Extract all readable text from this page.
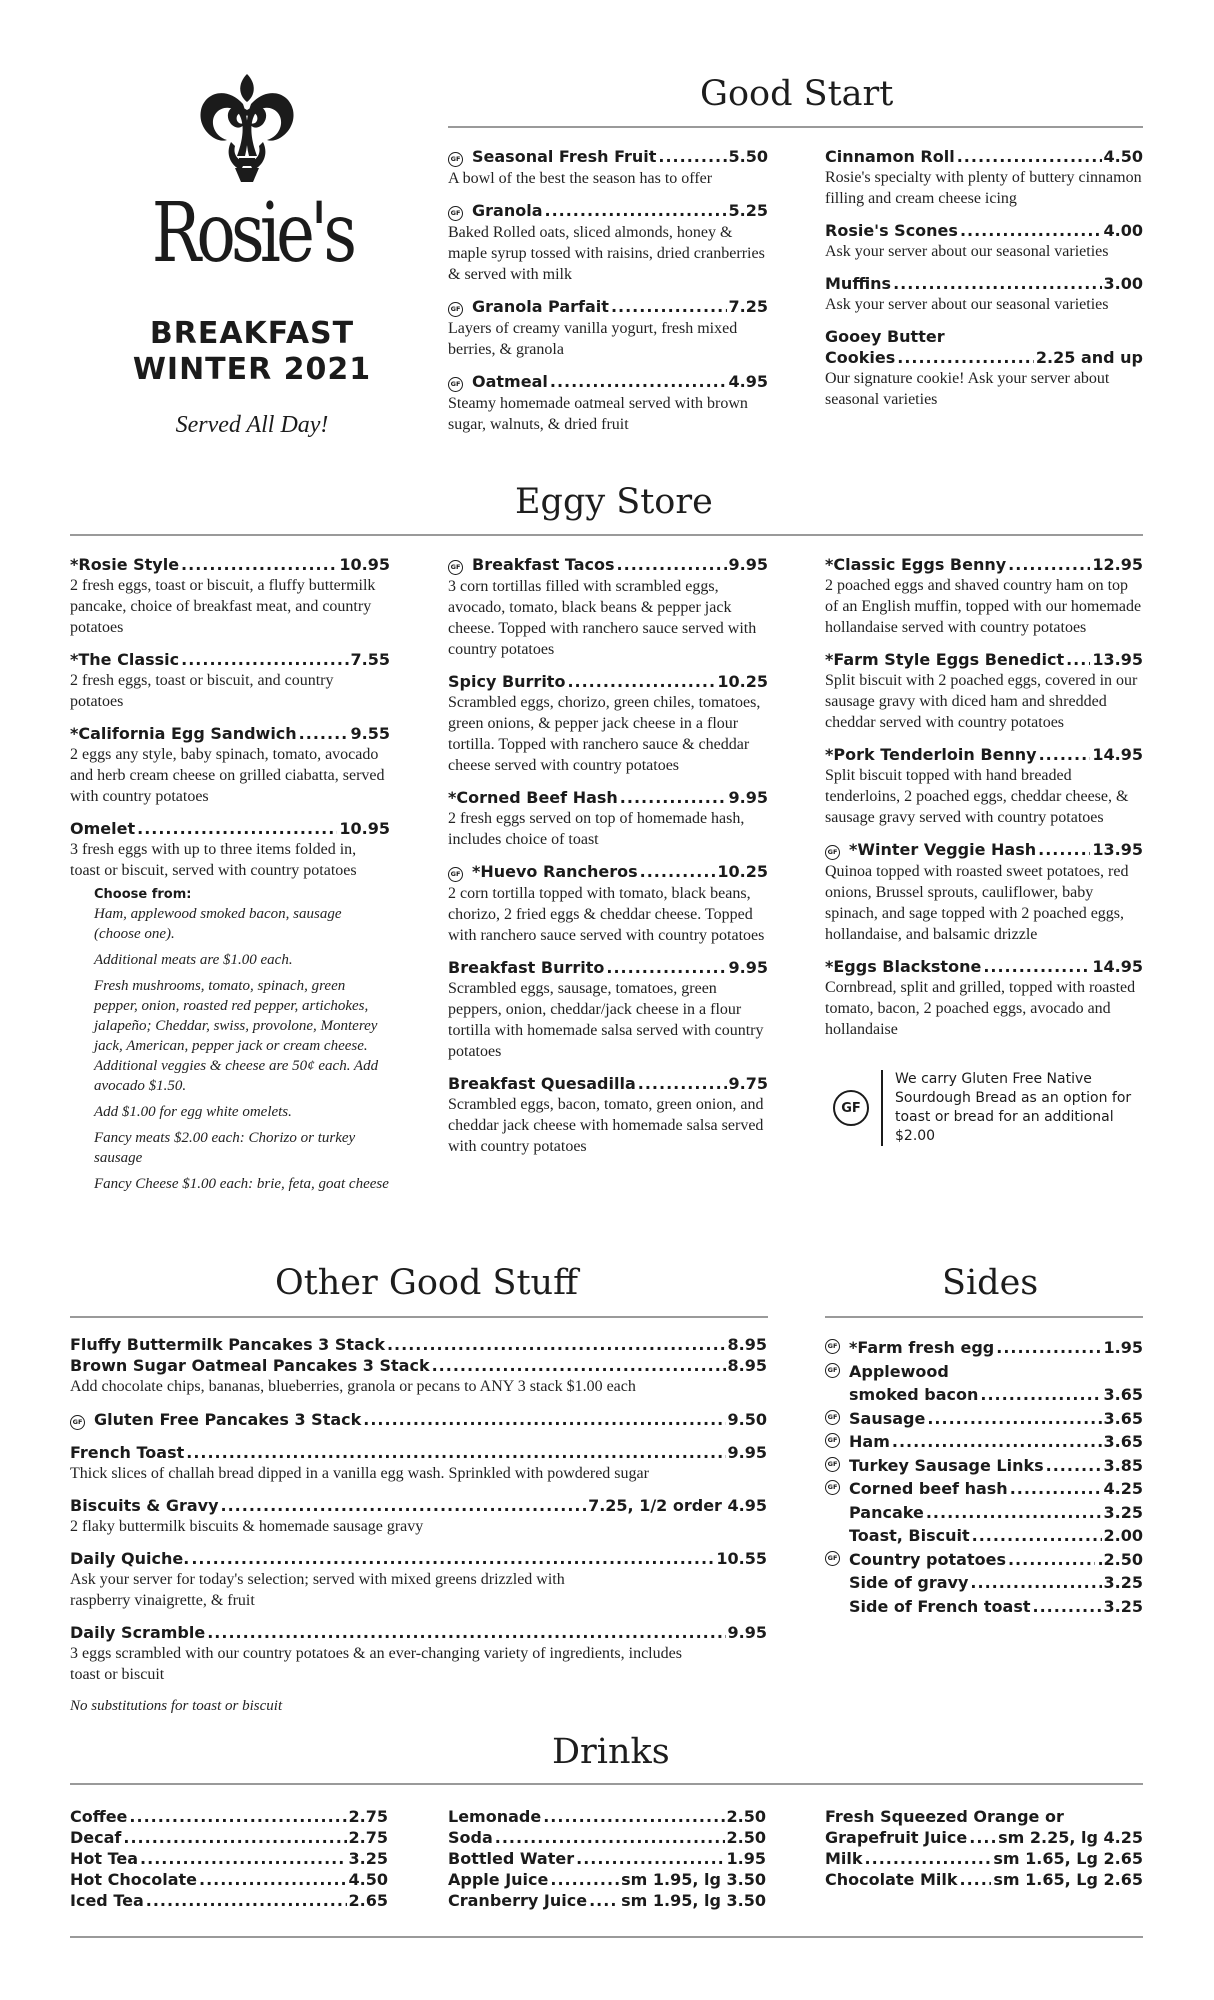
Rosie's
BREAKFAST
WINTER 2021
Served All Day!
Good Start
GF Seasonal Fresh Fruit .....	5.50
A bowl of the best the season has to offer
GF Granola .....	5.25
Baked Rolled oats, sliced almonds, honey & maple syrup tossed with raisins, dried cranberries & served with milk
GF Granola Parfait .....	7.25
Layers of creamy vanilla yogurt, fresh mixed berries, & granola
GF Oatmeal .....	4.95
Steamy homemade oatmeal served with brown sugar, walnuts, & dried fruit
Cinnamon Roll .....	4.50
Rosie's specialty with plenty of buttery cinnamon filling and cream cheese icing
Rosie's Scones .....	4.00
Ask your server about our seasonal varieties
Muffins .....	3.00
Ask your server about our seasonal varieties
Gooey Butter
Cookies .....	2.25 and up
Our signature cookie! Ask your server about seasonal varieties
Eggy Store
*Rosie Style .....	10.95
2 fresh eggs, toast or biscuit, a fluffy buttermilk pancake, choice of breakfast meat, and country potatoes
*The Classic .....	7.55
2 fresh eggs, toast or biscuit, and country potatoes
*California Egg Sandwich .....	9.55
2 eggs any style, baby spinach, tomato, avocado and herb cream cheese on grilled ciabatta, served with country potatoes
Omelet .....	10.95
3 fresh eggs with up to three items folded in, toast or biscuit, served with country potatoes
Choose from:
Ham, applewood smoked bacon, sausage (choose one).
Additional meats are $1.00 each.
Fresh mushrooms, tomato, spinach, green pepper, onion, roasted red pepper, artichokes, jalapeño; Cheddar, swiss, provolone, Monterey jack, American, pepper jack or cream cheese. Additional veggies & cheese are 50¢ each. Add avocado $1.50.
Add $1.00 for egg white omelets.
Fancy meats $2.00 each: Chorizo or turkey sausage
Fancy Cheese $1.00 each: brie, feta, goat cheese
GF Breakfast Tacos .....	9.95
3 corn tortillas filled with scrambled eggs, avocado, tomato, black beans & pepper jack cheese. Topped with ranchero sauce served with country potatoes
Spicy Burrito .....	10.25
Scrambled eggs, chorizo, green chiles, tomatoes, green onions, & pepper jack cheese in a flour tortilla. Topped with ranchero sauce & cheddar cheese served with country potatoes
*Corned Beef Hash .....	9.95
2 fresh eggs served on top of homemade hash, includes choice of toast
GF *Huevo Rancheros .....	10.25
2 corn tortilla topped with tomato, black beans, chorizo, 2 fried eggs & cheddar cheese. Topped with ranchero sauce served with country potatoes
Breakfast Burrito .....	9.95
Scrambled eggs, sausage, tomatoes, green peppers, onion, cheddar/jack cheese in a flour tortilla with homemade salsa served with country potatoes
Breakfast Quesadilla .....	9.75
Scrambled eggs, bacon, tomato, green onion, and cheddar jack cheese with homemade salsa served with country potatoes
*Classic Eggs Benny .....	12.95
2 poached eggs and shaved country ham on top of an English muffin, topped with our homemade hollandaise served with country potatoes
*Farm Style Eggs Benedict ..... 13.95
Split biscuit with 2 poached eggs, covered in our sausage gravy with diced ham and shredded cheddar served with country potatoes
*Pork Tenderloin Benny .....	14.95
Split biscuit topped with hand breaded tenderloins, 2 poached eggs, cheddar cheese, & sausage gravy served with country potatoes
GF *Winter Veggie Hash .....	13.95
Quinoa topped with roasted sweet potatoes, red onions, Brussel sprouts, cauliflower, baby spinach, and sage topped with 2 poached eggs, hollandaise, and balsamic drizzle
*Eggs Blackstone .....	14.95
Cornbread, split and grilled, topped with roasted tomato, bacon, 2 poached eggs, avocado and hollandaise
GF
We carry Gluten Free Native Sourdough Bread as an option for toast or bread for an additional $2.00
Other Good Stuff
Fluffy Buttermilk Pancakes 3 Stack .....	8.95
Brown Sugar Oatmeal Pancakes 3 Stack .....	8.95
Add chocolate chips, bananas, blueberries, granola or pecans to ANY 3 stack $1.00 each
GF Gluten Free Pancakes 3 Stack .....	9.50
French Toast .....	9.95
Thick slices of challah bread dipped in a vanilla egg wash. Sprinkled with powdered sugar
Biscuits & Gravy .....	7.25, 1/2 order 4.95
2 flaky buttermilk biscuits & homemade sausage gravy
Daily Quiche. .....	10.55
Ask your server for today's selection; served with mixed greens drizzled with raspberry vinaigrette, & fruit
Daily Scramble .....	9.95
3 eggs scrambled with our country potatoes & an ever-changing variety of ingredients, includes toast or biscuit
No substitutions for toast or biscuit
Sides
GF *Farm fresh egg .....	1.95
GF Applewood
smoked bacon .....	3.65
GF Sausage .....	3.65
GF Ham .....	3.65
GF Turkey Sausage Links .....	3.85
GF Corned beef hash .....	4.25
Pancake .....	3.25
Toast, Biscuit .....	2.00
GF Country potatoes .....	.2.50
Side of gravy .....	3.25
Side of French toast .....	3.25
Drinks
Coffee .....	2.75
Decaf .....	2.75
Hot Tea .....	3.25
Hot Chocolate .....	4.50
Iced Tea .....	2.65
Lemonade .....	2.50
Soda .....	2.50
Bottled Water .....	1.95
Apple Juice .....	sm 1.95, lg 3.50
Cranberry Juice ..... sm 1.95, lg 3.50
Fresh Squeezed Orange or
Grapefruit Juice ..... sm 2.25, lg 4.25
Milk .....	sm 1.65, Lg 2.65
Chocolate Milk ..... sm 1.65, Lg 2.65
